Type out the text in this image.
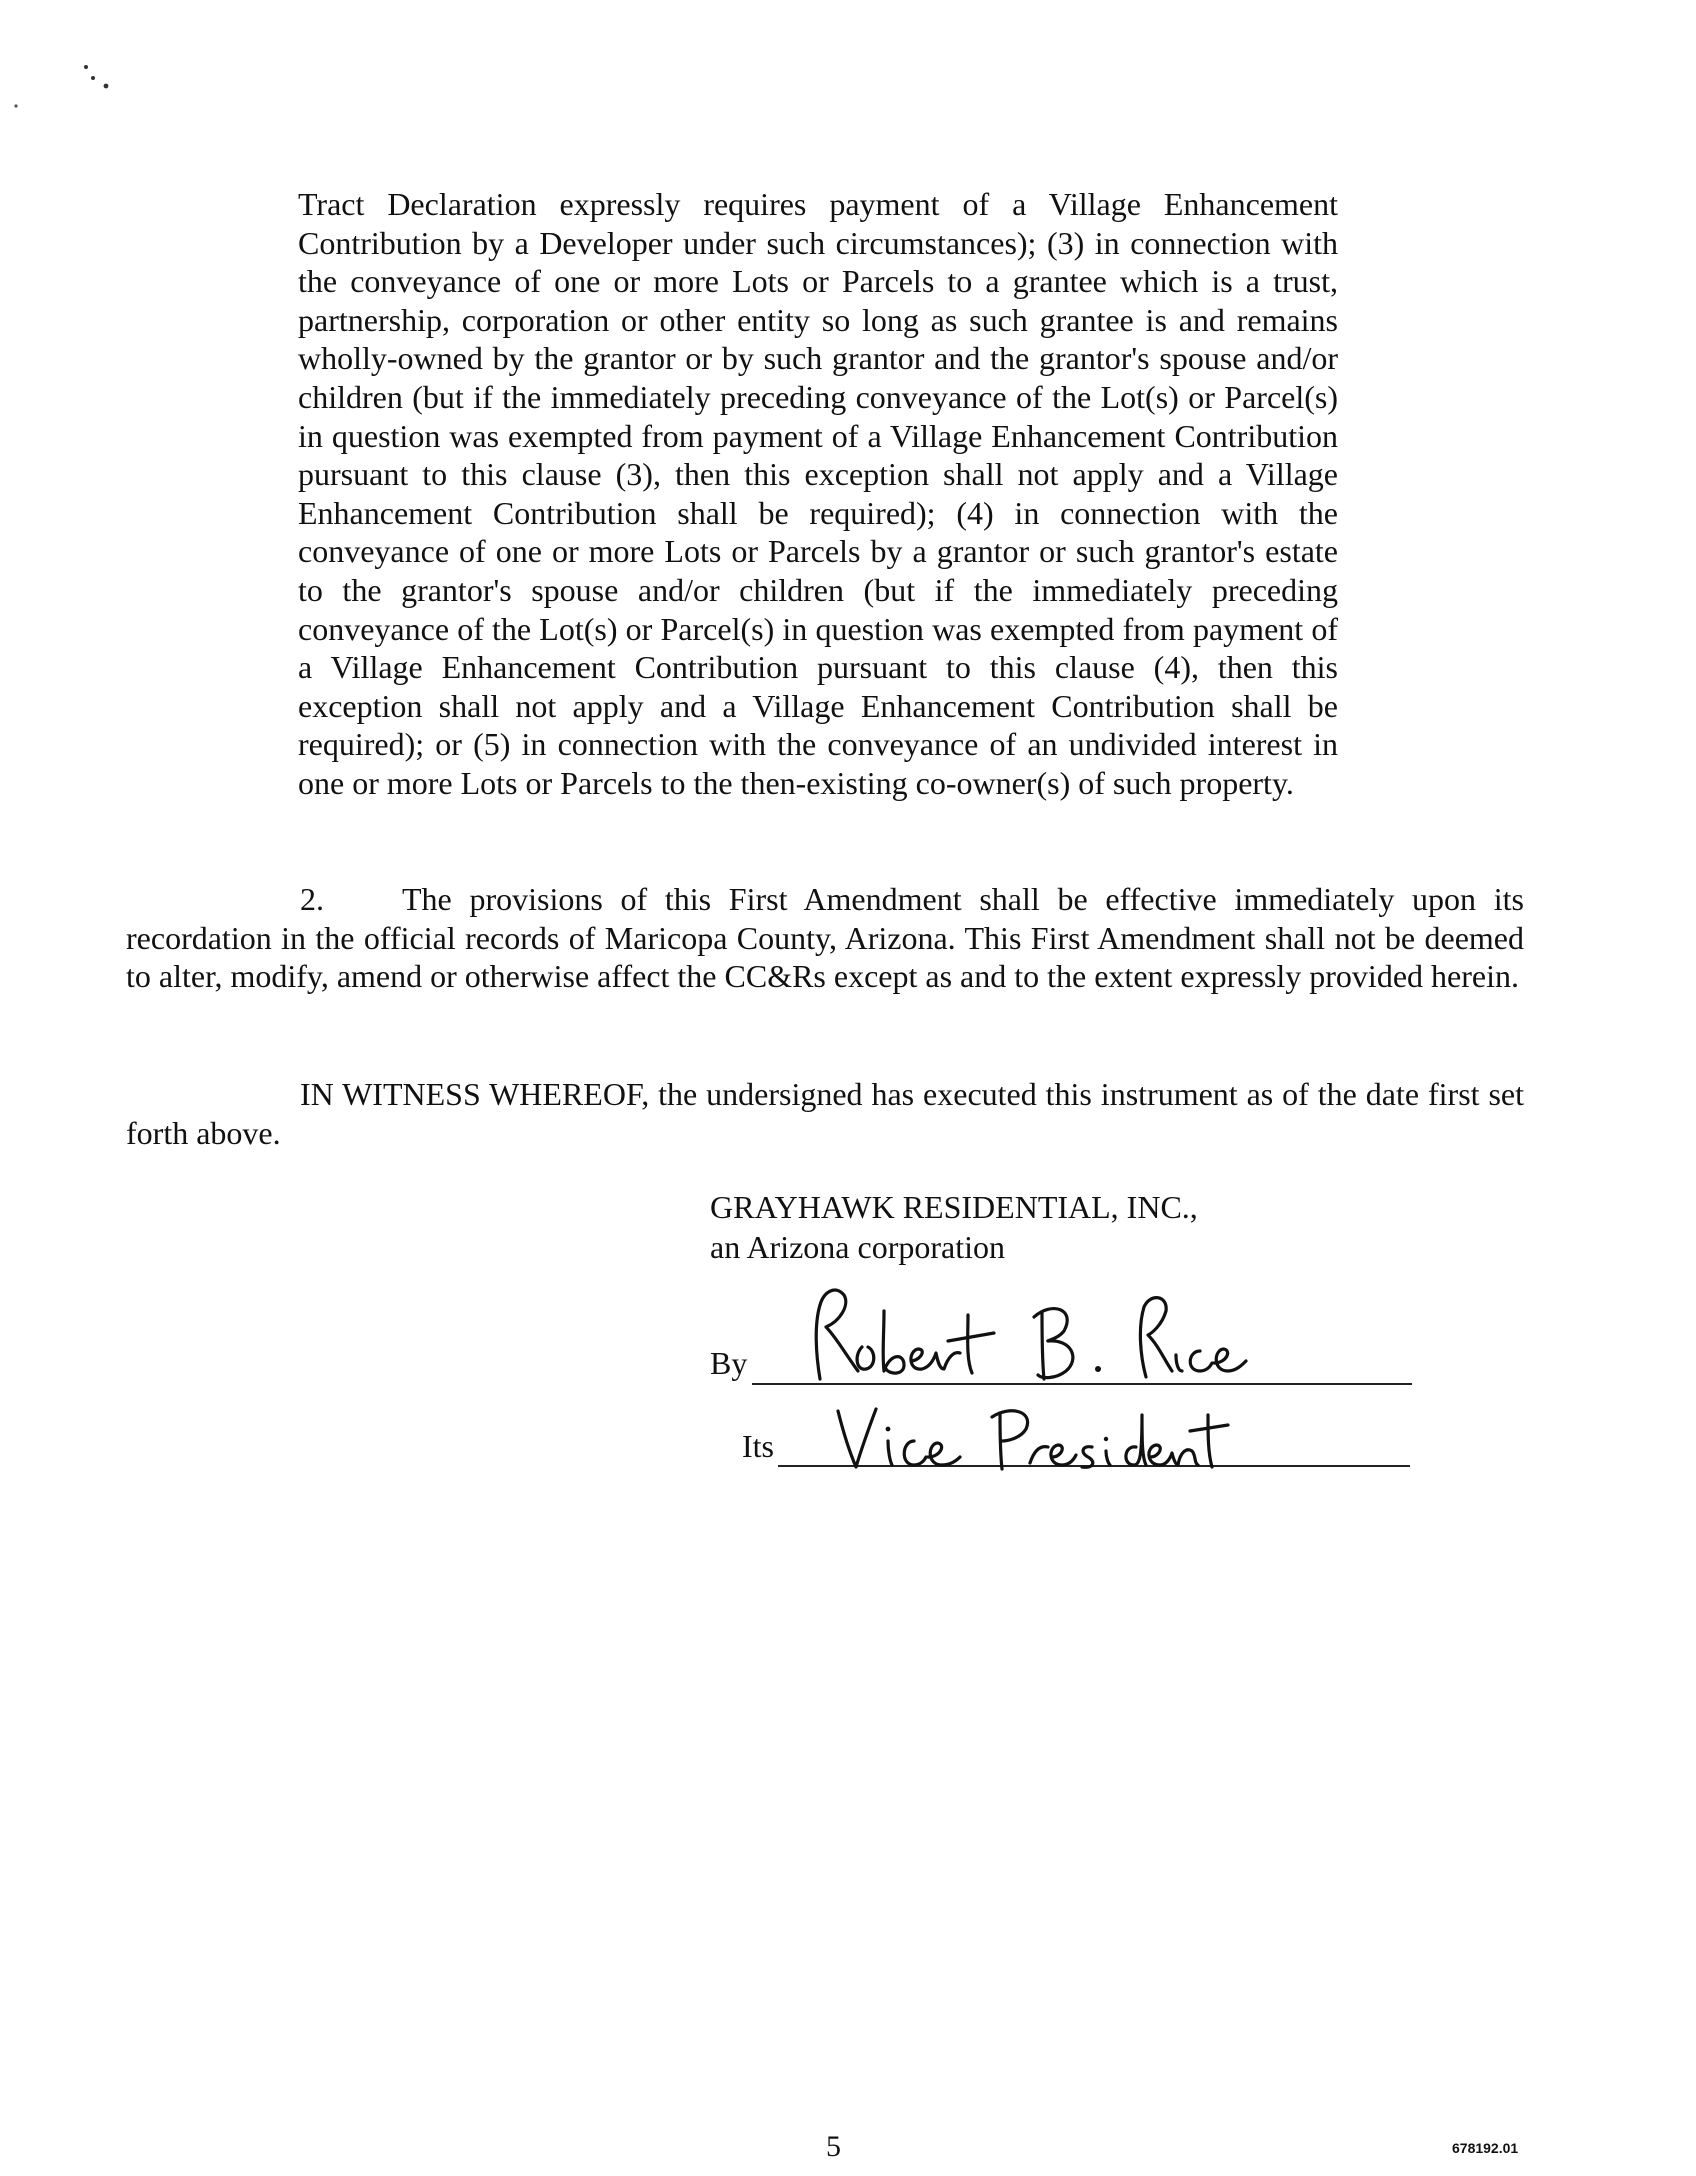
Tract Declaration expressly requires payment of a Village Enhancement Contribution by a Developer under such circumstances); (3) in connection with the conveyance of one or more Lots or Parcels to a grantee which is a trust, partnership, corporation or other entity so long as such grantee is and remains wholly-owned by the grantor or by such grantor and the grantor's spouse and/or children (but if the immediately preceding conveyance of the Lot(s) or Parcel(s) in question was exempted from payment of a Village Enhancement Contribution pursuant to this clause (3), then this exception shall not apply and a Village Enhancement Contribution shall be required); (4) in connection with the conveyance of one or more Lots or Parcels by a grantor or such grantor's estate to the grantor's spouse and/or children (but if the immediately preceding conveyance of the Lot(s) or Parcel(s) in question was exempted from payment of a Village Enhancement Contribution pursuant to this clause (4), then this exception shall not apply and a Village Enhancement Contribution shall be required); or (5) in connection with the conveyance of an undivided interest in one or more Lots or Parcels to the then-existing co-owner(s) of such property.
2. The provisions of this First Amendment shall be effective immediately upon its recordation in the official records of Maricopa County, Arizona. This First Amendment shall not be deemed to alter, modify, amend or otherwise affect the CC&Rs except as and to the extent expressly provided herein.
IN WITNESS WHEREOF, the undersigned has executed this instrument as of the date first set forth above.
GRAYHAWK RESIDENTIAL, INC.,
an Arizona corporation
By
Its
5	678192.01
